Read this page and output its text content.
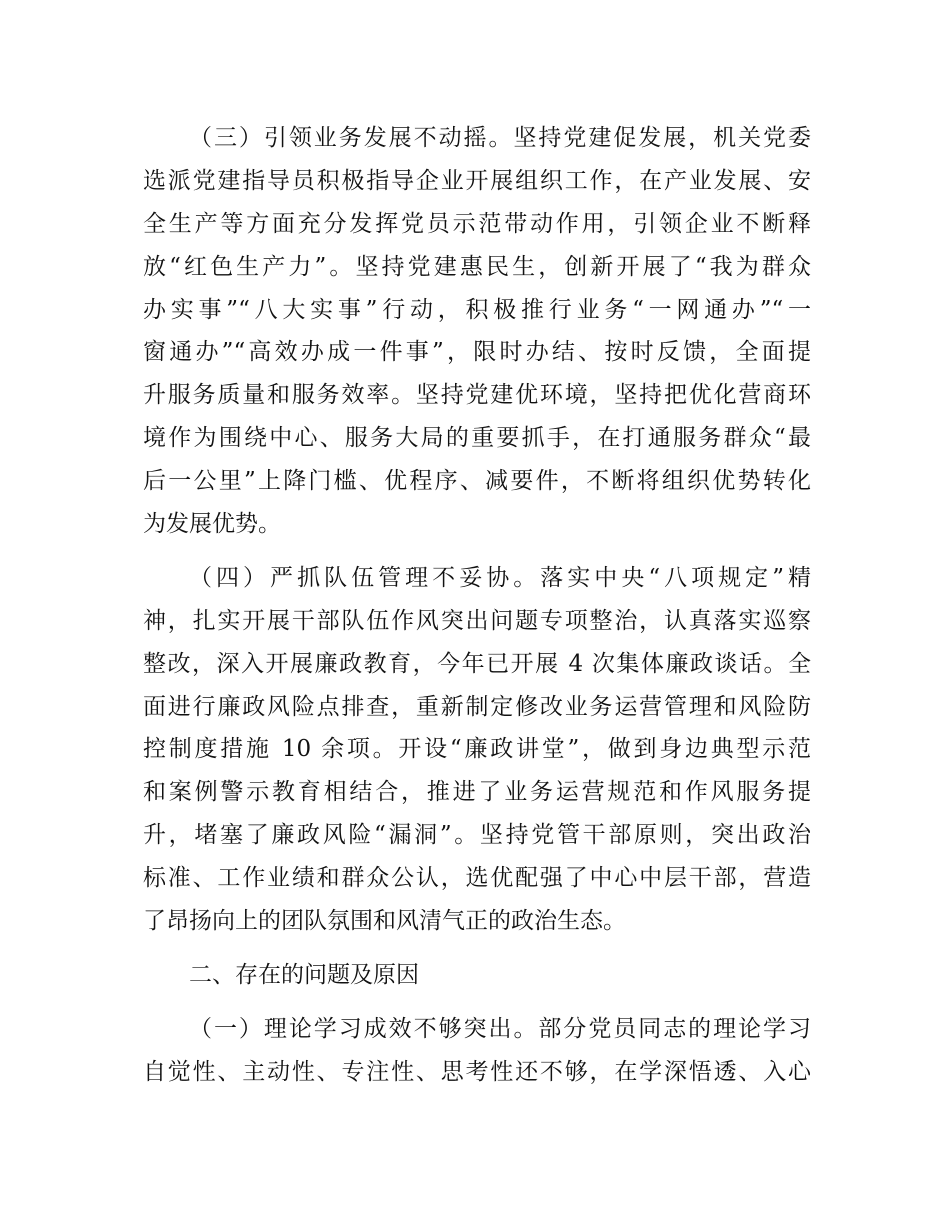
（三）引领业务发展不动摇。坚持党建促发展，机关党委
选派党建指导员积极指导企业开展组织工作，在产业发展、安
全生产等方面充分发挥党员示范带动作用，引领企业不断释
放“红色生产力”。坚持党建惠民生，创新开展了“我为群众
办实事”“八大实事”行动，积极推行业务“一网通办”“一
窗通办”“高效办成一件事”，限时办结、按时反馈，全面提
升服务质量和服务效率。坚持党建优环境，坚持把优化营商环
境作为围绕中心、服务大局的重要抓手，在打通服务群众“最
后一公里”上降门槛、优程序、减要件，不断将组织优势转化
为发展优势。
（四）严抓队伍管理不妥协。落实中央“八项规定”精
神，扎实开展干部队伍作风突出问题专项整治，认真落实巡察
整改，深入开展廉政教育，今年已开展 4 次集体廉政谈话。全
面进行廉政风险点排查，重新制定修改业务运营管理和风险防
控制度措施 10 余项。开设“廉政讲堂”，做到身边典型示范
和案例警示教育相结合，推进了业务运营规范和作风服务提
升，堵塞了廉政风险“漏洞”。坚持党管干部原则，突出政治
标准、工作业绩和群众公认，选优配强了中心中层干部，营造
了昂扬向上的团队氛围和风清气正的政治生态。
二、存在的问题及原因
（一）理论学习成效不够突出。部分党员同志的理论学习
自觉性、主动性、专注性、思考性还不够，在学深悟透、入心
